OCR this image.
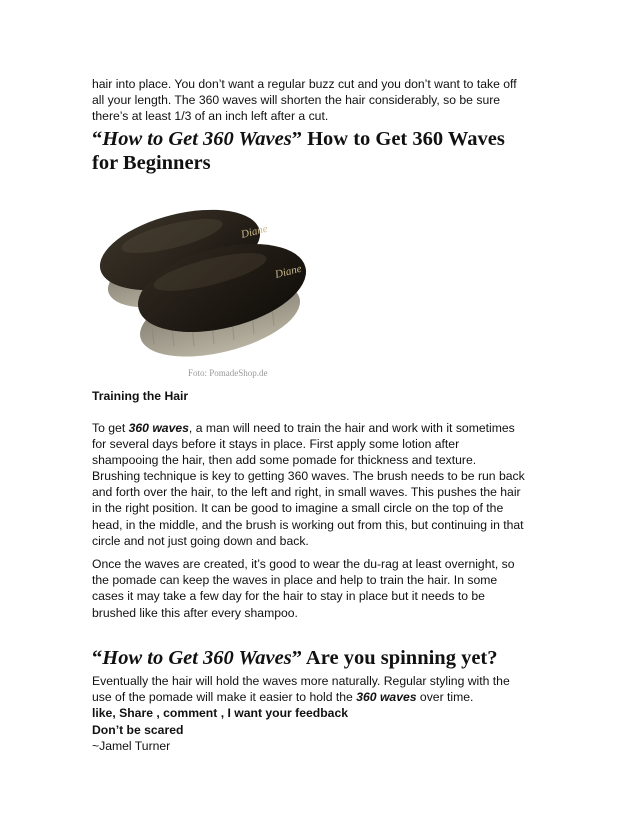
hair into place. You don’t want a regular buzz cut and you don’t want to take off

all your length. The 360 waves will shorten the hair considerably, so be sure

there’s at least 1/3 of an inch left after a cut.

“How to Get 360 Waves” How to Get 360 Waves
for Beginners
Diane
Diane
Foto: PomadeShop.de

Training the Hair

To get 360 waves, a man will need to train the hair and work with it sometimes

for several days before it stays in place. First apply some lotion after

shampooing the hair, then add some pomade for thickness and texture.

Brushing technique is key to getting 360 waves. The brush needs to be run back

and forth over the hair, to the left and right, in small waves. This pushes the hair

in the right position. It can be good to imagine a small circle on the top of the

head, in the middle, and the brush is working out from this, but continuing in that

circle and not just going down and back.

Once the waves are created, it’s good to wear the du-rag at least overnight, so

the pomade can keep the waves in place and help to train the hair. In some

cases it may take a few day for the hair to stay in place but it needs to be

brushed like this after every shampoo.

“How to Get 360 Waves” Are you spinning yet?

Eventually the hair will hold the waves more naturally. Regular styling with the

use of the pomade will make it easier to hold the 360 waves over time.

like, Share , comment , I want your feedback

Don’t be scared

~Jamel Turner
